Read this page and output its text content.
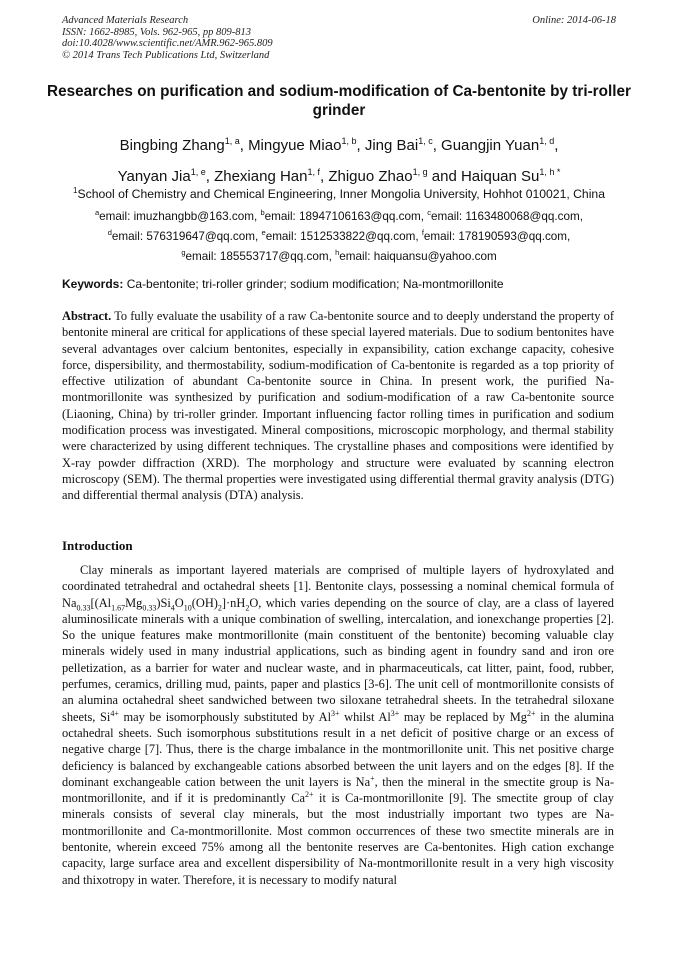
Advanced Materials Research
ISSN: 1662-8985, Vols. 962-965, pp 809-813
doi:10.4028/www.scientific.net/AMR.962-965.809
© 2014 Trans Tech Publications Ltd, Switzerland
Online: 2014-06-18
Researches on purification and sodium-modification of Ca-bentonite by tri-roller grinder
Bingbing Zhang$^{1, a}$, Mingyue Miao$^{1, b}$, Jing Bai$^{1, c}$, Guangjin Yuan$^{1, d}$,
Yanyan Jia$^{1, e}$, Zhexiang Han$^{1, f}$, Zhiguo Zhao$^{1, g}$ and Haiquan $Su^{1, h *}$
$^1$School of Chemistry and Chemical Engineering, Inner Mongolia University, Hohhot 010021, China
$^a$email: imuzhangbb@163.com, $^b$email: 18947106163@qq.com, $^c$email: 1163480068@qq.com,
$^d$email: 576319647@qq.com, $^e$email: 1512533822@qq.com, $^f$email: 178190593@qq.com,
$^g$email: 185553717@qq.com, $^h$email: haiquansu@yahoo.com
Keywords: Ca-bentonite; tri-roller grinder; sodium modification; Na-montmorillonite
Abstract. To fully evaluate the usability of a raw Ca-bentonite source and to deeply understand the property of bentonite mineral are critical for applications of these special layered materials. Due to sodium bentonites have several advantages over calcium bentonites, especially in expansibility, cation exchange capacity, cohesive force, dispersibility, and thermostability, sodium-modification of Ca-bentonite is regarded as a top priority of effective utilization of abundant Ca-bentonite source in China. In present work, the purified Na-montmorillonite was synthesized by purification and sodium-modification of a raw Ca-bentonite source (Liaoning, China) by tri-roller grinder. Important influencing factor rolling times in purification and sodium modification process was investigated. Mineral compositions, microscopic morphology, and thermal stability were characterized by using different techniques. The crystalline phases and compositions were identified by X-ray powder diffraction (XRD). The morphology and structure were evaluated by scanning electron microscopy (SEM). The thermal properties were investigated using differential thermal gravity analysis (DTG) and differential thermal analysis (DTA) analysis.
Introduction
Clay minerals as important layered materials are comprised of multiple layers of hydroxylated and coordinated tetrahedral and octahedral sheets [1]. Bentonite clays, possessing a nominal chemical formula of $Na_{0.33}[(Al_{1.67}Mg_{0.33})Si_4O_{10}(OH)_2]\cdot nH_2O$, which varies depending on the source of clay, are a class of layered aluminosilicate minerals with a unique combination of swelling, intercalation, and ionexchange properties [2]. So the unique features make montmorillonite (main constituent of the bentonite) becoming valuable clay minerals widely used in many industrial applications, such as binding agent in foundry sand and iron ore pelletization, as a barrier for water and nuclear waste, and in pharmaceuticals, cat litter, paint, food, rubber, perfumes, ceramics, drilling mud, paints, paper and plastics [3-6]. The unit cell of montmorillonite consists of an alumina octahedral sheet sandwiched between two siloxane tetrahedral sheets. In the tetrahedral siloxane sheets, $Si^{4+}$ may be isomorphously substituted by $Al^{3+}$ whilst $Al^{3+}$ may be replaced by $Mg^{2+}$ in the alumina octahedral sheets. Such isomorphous substitutions result in a net deficit of positive charge or an excess of negative charge [7]. Thus, there is the charge imbalance in the montmorillonite unit. This net positive charge deficiency is balanced by exchangeable cations absorbed between the unit layers and on the edges [8]. If the dominant exchangeable cation between the unit layers is Na+, then the mineral in the smectite group is Na-montmorillonite, and if it is predominantly $Ca^{2+}$ it is Ca-montmorillonite [9]. The smectite group of clay minerals consists of several clay minerals, but the most industrially important two types are Na-montmorillonite and Ca-montmorillonite. Most common occurrences of these two smectite minerals are in bentonite, wherein exceed 75% among all the bentonite reserves are Ca-bentonites. High cation exchange capacity, large surface area and excellent dispersibility of Na-montmorillonite result in a very high viscosity and thixotropy in water. Therefore, it is necessary to modify natural
